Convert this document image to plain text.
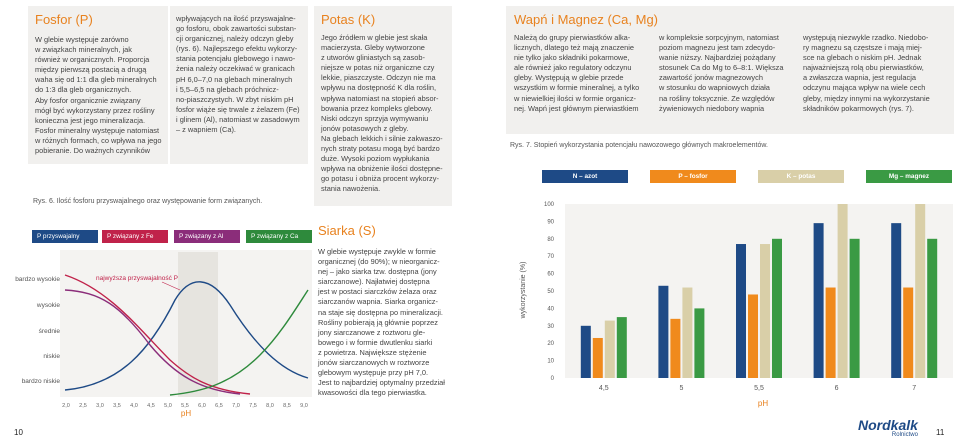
Fosfor (P)
W glebie występuje zarówno
w związkach mineralnych, jak
również w organicznych. Proporcja
między pierwszą postacią a drugą
waha się od 1:1 dla gleb mineralnych
do 1:3 dla gleb organicznych.
Aby fosfor organicznie związany
mógł być wykorzystany przez rośliny
konieczna jest jego mineralizacja.
Fosfor mineralny występuje natomiast
w różnych formach, co wpływa na jego
pobieranie. Do ważnych czynników
wpływających na ilość przyswajalne-
go fosforu, obok zawartości substan-
cji organicznej, należy odczyn gleby
(rys. 6). Najlepszego efektu wykorzy-
stania potencjału glebowego i nawo-
żenia należy oczekiwać w granicach
pH 6,0–7,0 na glebach mineralnych
i 5,5–6,5 na glebach próchnicz-
no-piaszczystych. W zbyt niskim pH
fosfor wiąże się trwale z żelazem (Fe)
i glinem (Al), natomiast w zasadowym
– z wapniem (Ca).
Rys. 6. Ilość fosforu przyswajalnego oraz występowanie form związanych.
P przyswajalny	P związany z Fe	P związany z Al	P związany z Ca
bardzo wysokie
wysokie
średnie
niskie
bardzo niskie
najwyższa przyswajalność P
2,0 2,5 3,0 3,5 4,0 4,5 5,0 5,5 6,0 6,5 7,0 7,5 8,0 8,5 9,0
pH
10
Potas (K)
Jego źródłem w glebie jest skała
macierzysta. Gleby wytworzone
z utworów gliniastych są zasob-
niejsze w potas niż organiczne czy
lekkie, piaszczyste. Odczyn nie ma
wpływu na dostępność K dla roślin,
wpływa natomiast na stopień absor-
bowania przez kompleks glebowy.
Niski odczyn sprzyja wymywaniu
jonów potasowych z gleby.
Na glebach lekkich i silnie zakwaszo-
nych straty potasu mogą być bardzo
duże. Wysoki poziom wypłukania
wpływa na obniżenie ilości dostępne-
go potasu i obniża procent wykorzy-
stania nawożenia.
Siarka (S)
W glebie występuje zwykle w formie
organicznej (do 90%); w nieorganicz-
nej – jako siarka tzw. dostępna (jony
siarczanowe). Najłatwiej dostępna
jest w postaci siarczków żelaza oraz
siarczanów wapnia. Siarka organicz-
na staje się dostępna po mineralizacji.
Rośliny pobierają ją głównie poprzez
jony siarczanowe z roztworu gle-
bowego i w formie dwutlenku siarki
z powietrza. Największe stężenie
jonów siarczanowych w roztworze
glebowym występuje przy pH 7,0.
Jest to najbardziej optymalny przedział
kwasowości dla tego pierwiastka.
Wapń i Magnez (Ca, Mg)
Należą do grupy pierwiastków alka-
licznych, dlatego też mają znaczenie
nie tylko jako składniki pokarmowe,
ale również jako regulatory odczynu
gleby. Występują w glebie przede
wszystkim w formie mineralnej, a tylko
w niewielkiej ilości w formie organicz-
nej. Wapń jest głównym pierwiastkiem
w kompleksie sorpcyjnym, natomiast
poziom magnezu jest tam zdecydo-
wanie niższy. Najbardziej pożądany
stosunek Ca do Mg to 6–8:1. Większa
zawartość jonów magnezowych
w stosunku do wapniowych działa
na rośliny toksycznie. Ze względów
żywieniowych niedobory wapnia
występują niezwykle rzadko. Niedobo-
ry magnezu są częstsze i mają miej-
sce na glebach o niskim pH. Jednak
najważniejszą rolą obu pierwiastków,
a zwłaszcza wapnia, jest regulacja
odczynu mająca wpływ na wiele cech
gleby, między innymi na wykorzystanie
składników pokarmowych (rys. 7).
Rys. 7. Stopień wykorzystania potencjału nawozowego głównych makroelementów.
N – azot	P – fosfor	K – potas	Mg – magnez
wykorzystanie (%)
pH
0
10
20
30
40
50
60
70
80
90
100
4,5	5	5,5	6	7
11
Nordkalk
Rolnictwo
